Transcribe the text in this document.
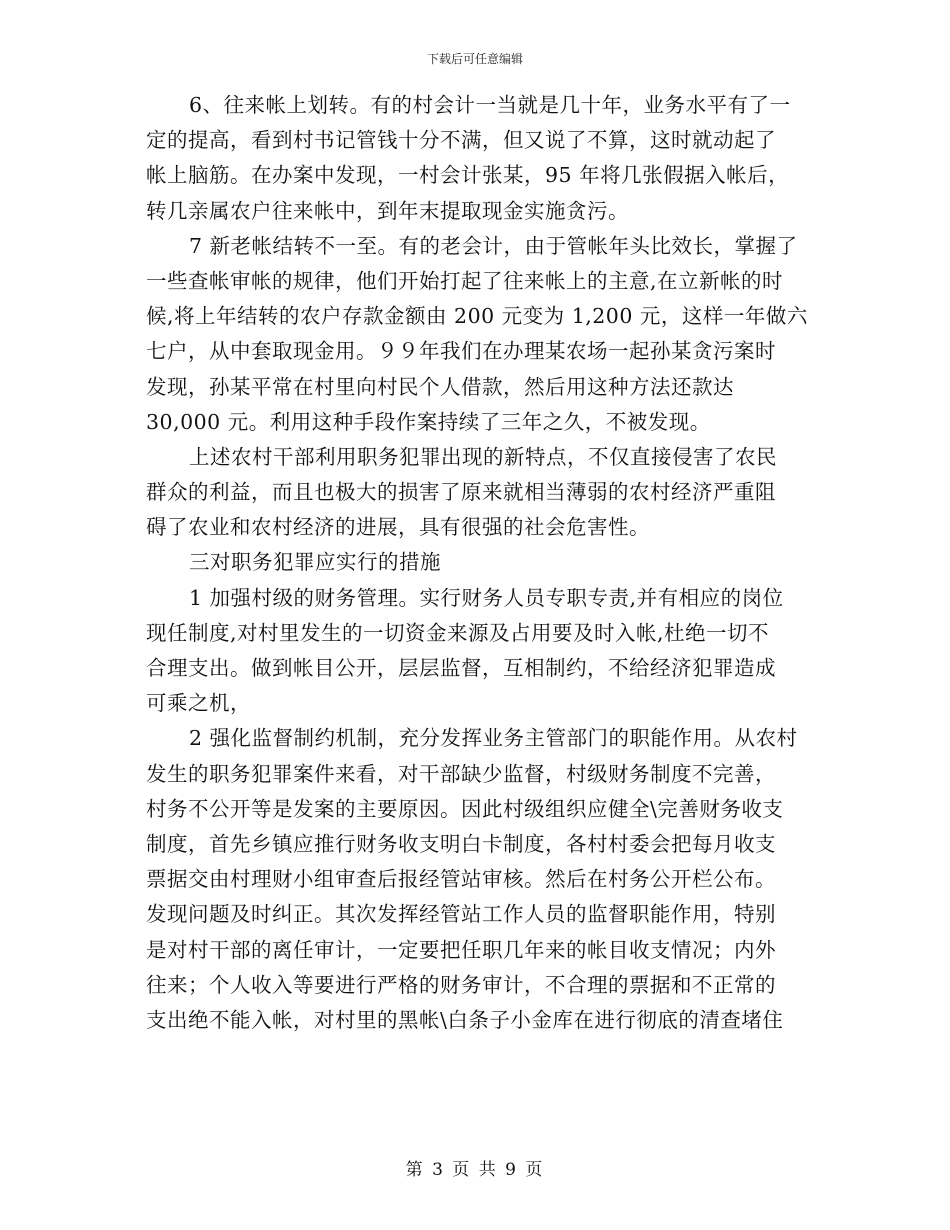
下载后可任意编辑
6、往来帐上划转。有的村会计一当就是几十年，业务水平有了一
定的提高，看到村书记管钱十分不满，但又说了不算，这时就动起了
帐上脑筋。在办案中发现，一村会计张某，95 年将几张假据入帐后，
转几亲属农户往来帐中，到年末提取现金实施贪污。
7 新老帐结转不一至。有的老会计，由于管帐年头比效长，掌握了
一些查帐审帐的规律，他们开始打起了往来帐上的主意,在立新帐的时
候,将上年结转的农户存款金额由 200 元变为 1,200 元，这样一年做六
七户，从中套取现金用。９９年我们在办理某农场一起孙某贪污案时
发现，孙某平常在村里向村民个人借款，然后用这种方法还款达
30,000 元。利用这种手段作案持续了三年之久，不被发现。
上述农村干部利用职务犯罪出现的新特点，不仅直接侵害了农民
群众的利益，而且也极大的损害了原来就相当薄弱的农村经济严重阻
碍了农业和农村经济的进展，具有很强的社会危害性。
三对职务犯罪应实行的措施
1 加强村级的财务管理。实行财务人员专职专责,并有相应的岗位
现任制度,对村里发生的一切资金来源及占用要及时入帐,杜绝一切不
合理支出。做到帐目公开，层层监督，互相制约，不给经济犯罪造成
可乘之机，
2 强化监督制约机制，充分发挥业务主管部门的职能作用。从农村
发生的职务犯罪案件来看，对干部缺少监督，村级财务制度不完善，
村务不公开等是发案的主要原因。因此村级组织应健全\完善财务收支
制度，首先乡镇应推行财务收支明白卡制度，各村村委会把每月收支
票据交由村理财小组审查后报经管站审核。然后在村务公开栏公布。
发现问题及时纠正。其次发挥经管站工作人员的监督职能作用，特别
是对村干部的离任审计，一定要把任职几年来的帐目收支情况；内外
往来；个人收入等要进行严格的财务审计，不合理的票据和不正常的
支出绝不能入帐，对村里的黑帐\白条子小金库在进行彻底的清查堵住
第 3 页 共 9 页
